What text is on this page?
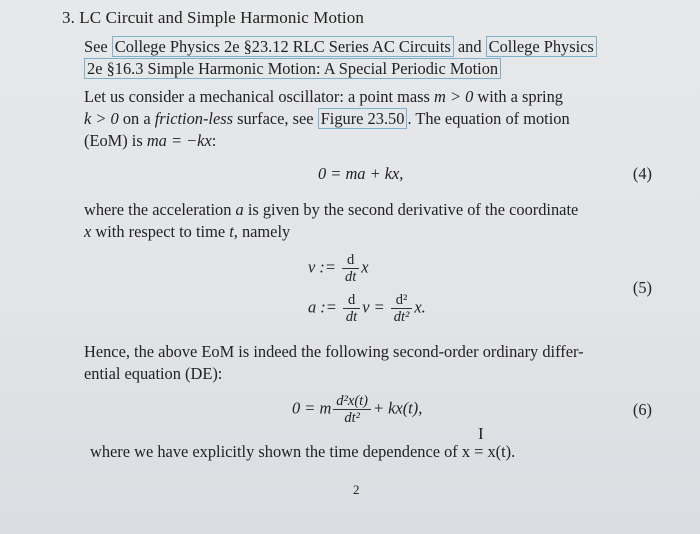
3. LC Circuit and Simple Harmonic Motion
See College Physics 2e §23.12 RLC Series AC Circuits and College Physics
2e §16.3 Simple Harmonic Motion: A Special Periodic Motion
Let us consider a mechanical oscillator: a point mass m > 0 with a spring
k > 0 on a friction-less surface, see Figure 23.50 . The equation of motion
(EoM) is ma = −kx:
0 = ma + kx,	(4)
where the acceleration a is given by the second derivative of the coordinate
x with respect to time t, namely
v := $\frac{d}{dt}$ x
a := $\frac{d}{dt}$ $v = \frac{\text{d²}}{\text{dt²}} x$.
(5)
Hence, the above EoM is indeed the following second-order ordinary differ-
ential equation (DE):
0 = m $\frac{\text{d²x(t)}}{\text{dt²}} + kx(t)$,	(6)
I
where we have explicitly shown the time dependence of x = x(t).
2
